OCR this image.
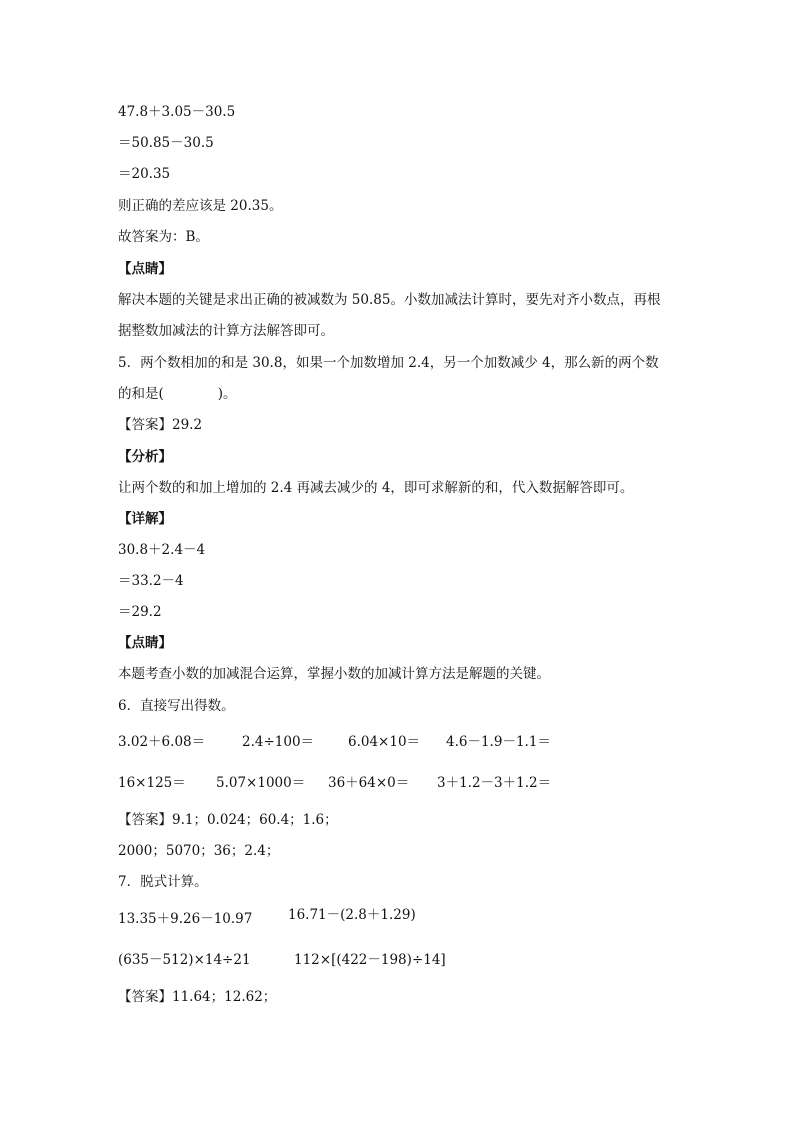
47.8＋3.05－30.5
＝50.85－30.5
＝20.35
则正确的差应该是 20.35。
故答案为：B。
【点睛】
解决本题的关键是求出正确的被减数为 50.85。小数加减法计算时，要先对齐小数点，再根
据整数加减法的计算方法解答即可。
5．两个数相加的和是 30.8，如果一个加数增加 2.4，另一个加数减少 4，那么新的两个数
的和是(　　　　)。
【答案】29.2
【分析】
让两个数的和加上增加的 2.4 再减去减少的 4，即可求解新的和，代入数据解答即可。
【详解】
30.8＋2.4－4
＝33.2－4
＝29.2
【点睛】
本题考查小数的加减混合运算，掌握小数的加减计算方法是解题的关键。
6．直接写出得数。
3.02＋6.08＝	2.4÷100＝	6.04×10＝ 4.6－1.9－1.1＝
16×125＝ 5.07×1000＝ 36＋64×0＝ 3＋1.2－3＋1.2＝
【答案】9.1；0.024；60.4；1.6；
2000；5070；36；2.4；
7．脱式计算。
13.35＋9.26－10.97	16.71－(2.8＋1.29)
(635－512)×14÷21	112×[(422－198)÷14]
【答案】11.64；12.62；
